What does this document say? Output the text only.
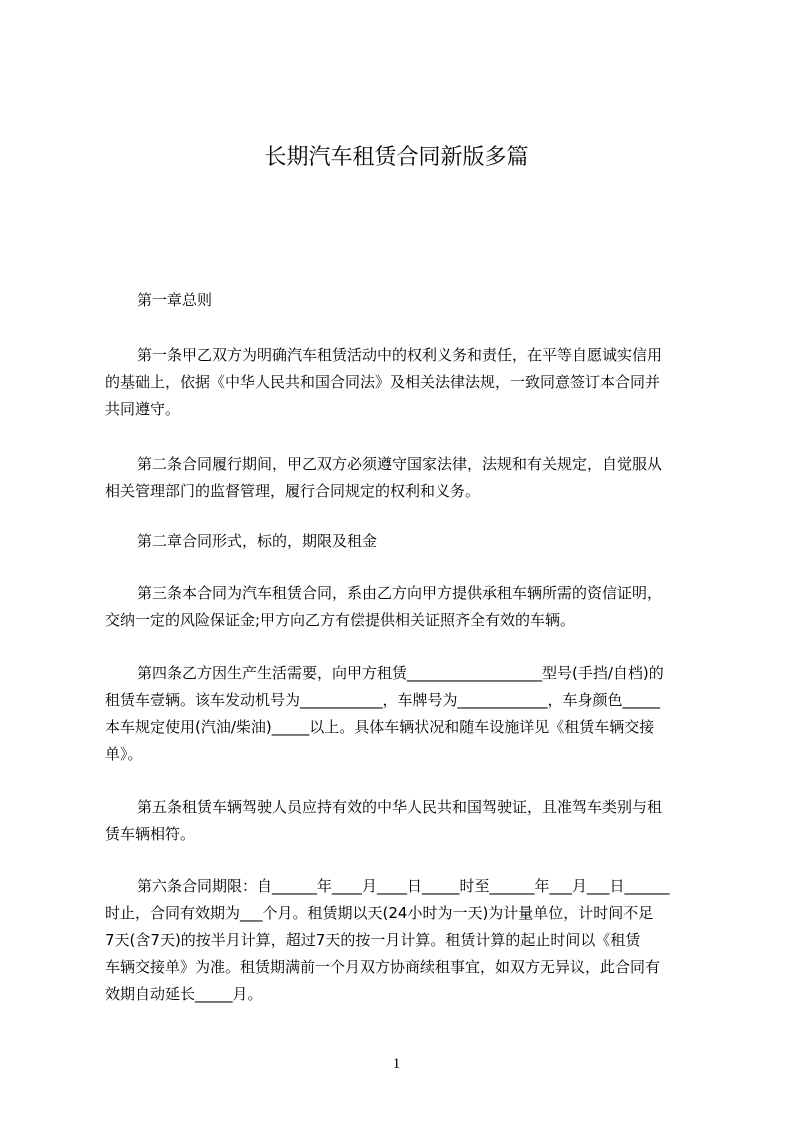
长期汽车租赁合同新版多篇
第一章总则
第一条甲乙双方为明确汽车租赁活动中的权利义务和责任，在平等自愿诚实信用
的基础上，依据《中华人民共和国合同法》及相关法律法规，一致同意签订本合同并
共同遵守。
第二条合同履行期间，甲乙双方必须遵守国家法律，法规和有关规定，自觉服从
相关管理部门的监督管理，履行合同规定的权利和义务。
第二章合同形式，标的，期限及租金
第三条本合同为汽车租赁合同，系由乙方向甲方提供承租车辆所需的资信证明，
交纳一定的风险保证金;甲方向乙方有偿提供相关证照齐全有效的车辆。
第四条乙方因生产生活需要，向甲方租赁__________________型号(手挡/自档)的
租赁车壹辆。该车发动机号为___________，车牌号为____________，车身颜色_____
本车规定使用(汽油/柴油)_____以上。具体车辆状况和随车设施详见《租赁车辆交接
单》。
第五条租赁车辆驾驶人员应持有效的中华人民共和国驾驶证，且准驾车类别与租
赁车辆相符。
第六条合同期限：自______年____月____日_____时至______年___月___日______
时止，合同有效期为___个月。租赁期以天(24小时为一天)为计量单位，计时间不足
7天(含7天)的按半月计算，超过7天的按一月计算。租赁计算的起止时间以《租赁
车辆交接单》为准。租赁期满前一个月双方协商续租事宜，如双方无异议，此合同有
效期自动延长_____月。
1
